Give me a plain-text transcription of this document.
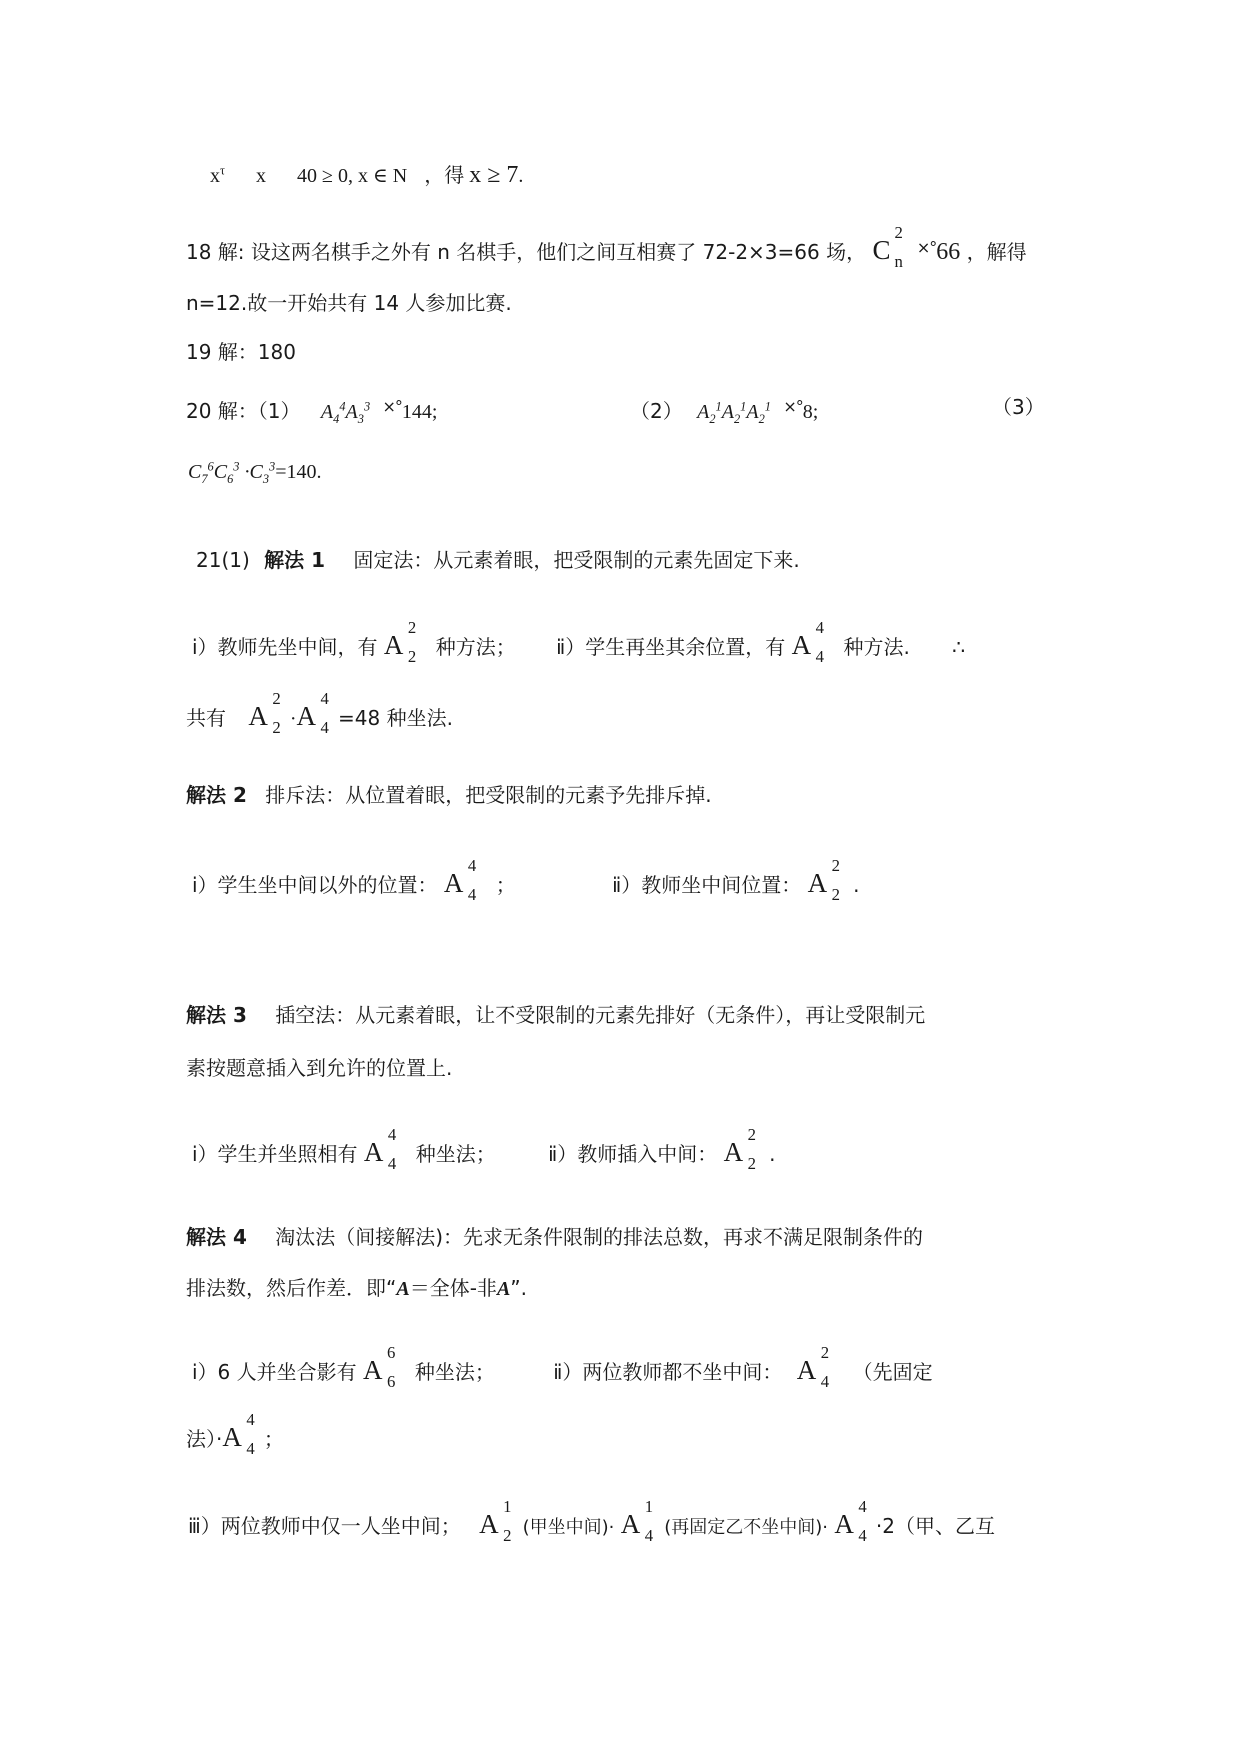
$x^\tau$ x 40 ≥ 0, x ∈ N ，得 x ≥ 7.
18 解: 设这两名棋手之外有 n 名棋手，他们之间互相赛了 72-2×3=66 场， C
2
n
×°66 ，解得
n=12.故一开始共有 14 人参加比赛.
19 解：180
20 解：（1） $A_4^4A_3^3$ ×°144;	（2） $A_2^1A_2^1A_2^1$ ×°8;	（3）
$C_7^6C_6^3 \cdot C_3^3=140$.
21(1) 解法 1 固定法：从元素着眼，把受限制的元素先固定下来.
ⅰ）教师先坐中间，有 A
2
2 种方法； ⅱ）学生再坐其余位置，有 A
4
4 种方法. ∴
共有 A
2
2 ·A
4
4 =48 种坐法.
解法 2 排斥法：从位置着眼，把受限制的元素予先排斥掉.
ⅰ）学生坐中间以外的位置： A
4
4 ；	ⅱ）教师坐中间位置： A
2
2 .
解法 3 插空法：从元素着眼，让不受限制的元素先排好（无条件），再让受限制元
素按题意插入到允许的位置上.
ⅰ）学生并坐照相有 A
4
4 种坐法；	ⅱ）教师插入中间： A
2
2 .
解法 4 淘汰法（间接解法)：先求无条件限制的排法总数，再求不满足限制条件的
排法数，然后作差．即“A＝全体-非A”.
ⅰ）6 人并坐合影有 A
6
6 种坐法；	ⅱ）两位教师都不坐中间： A
2
4 （先固定
法）·A
4
4 ；
ⅲ）两位教师中仅一人坐中间； A
1
2 (甲坐中间)· A
1
4 (再固定乙不坐中间)· A
4
4 ·2（甲、乙互
